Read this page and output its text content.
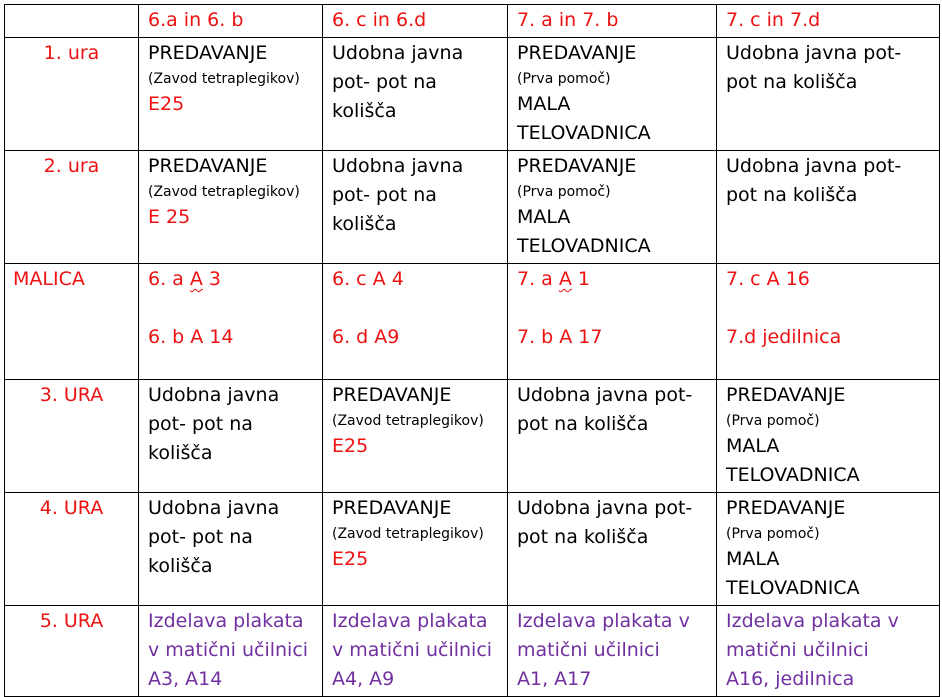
	6.a in 6. b	6. c in 6.d	7. a in 7. b	7. c in 7.d
1. ura	PREDAVANJE
(Zavod tetraplegikov)
E25	Udobna javna
pot- pot na
kolišča	PREDAVANJE
(Prva pomoč)
MALA
TELOVADNICA	Udobna javna pot-
pot na kolišča

2. ura	PREDAVANJE
(Zavod tetraplegikov)
E 25	Udobna javna
pot- pot na
kolišča	PREDAVANJE
(Prva pomoč)
MALA
TELOVADNICA	Udobna javna pot-
pot na kolišča

MALICA	6. a A 3
6. b A 14	6. c A 4
6. d A9	7. a A 1
7. b A 17	7. c A 16
7.d jedilnica

3. URA	Udobna javna
pot- pot na
kolišča	PREDAVANJE
(Zavod tetraplegikov)
E25	Udobna javna pot-
pot na kolišča	PREDAVANJE
(Prva pomoč)
MALA
TELOVADNICA

4. URA	Udobna javna
pot- pot na
kolišča	PREDAVANJE
(Zavod tetraplegikov)
E25	Udobna javna pot-
pot na kolišča	PREDAVANJE
(Prva pomoč)
MALA
TELOVADNICA

5. URA	Izdelava plakata
v matični učilnici
A3, A14	Izdelava plakata
v matični učilnici
A4, A9	Izdelava plakata v
matični učilnici
A1, A17	Izdelava plakata v
matični učilnici
A16, jedilnica
